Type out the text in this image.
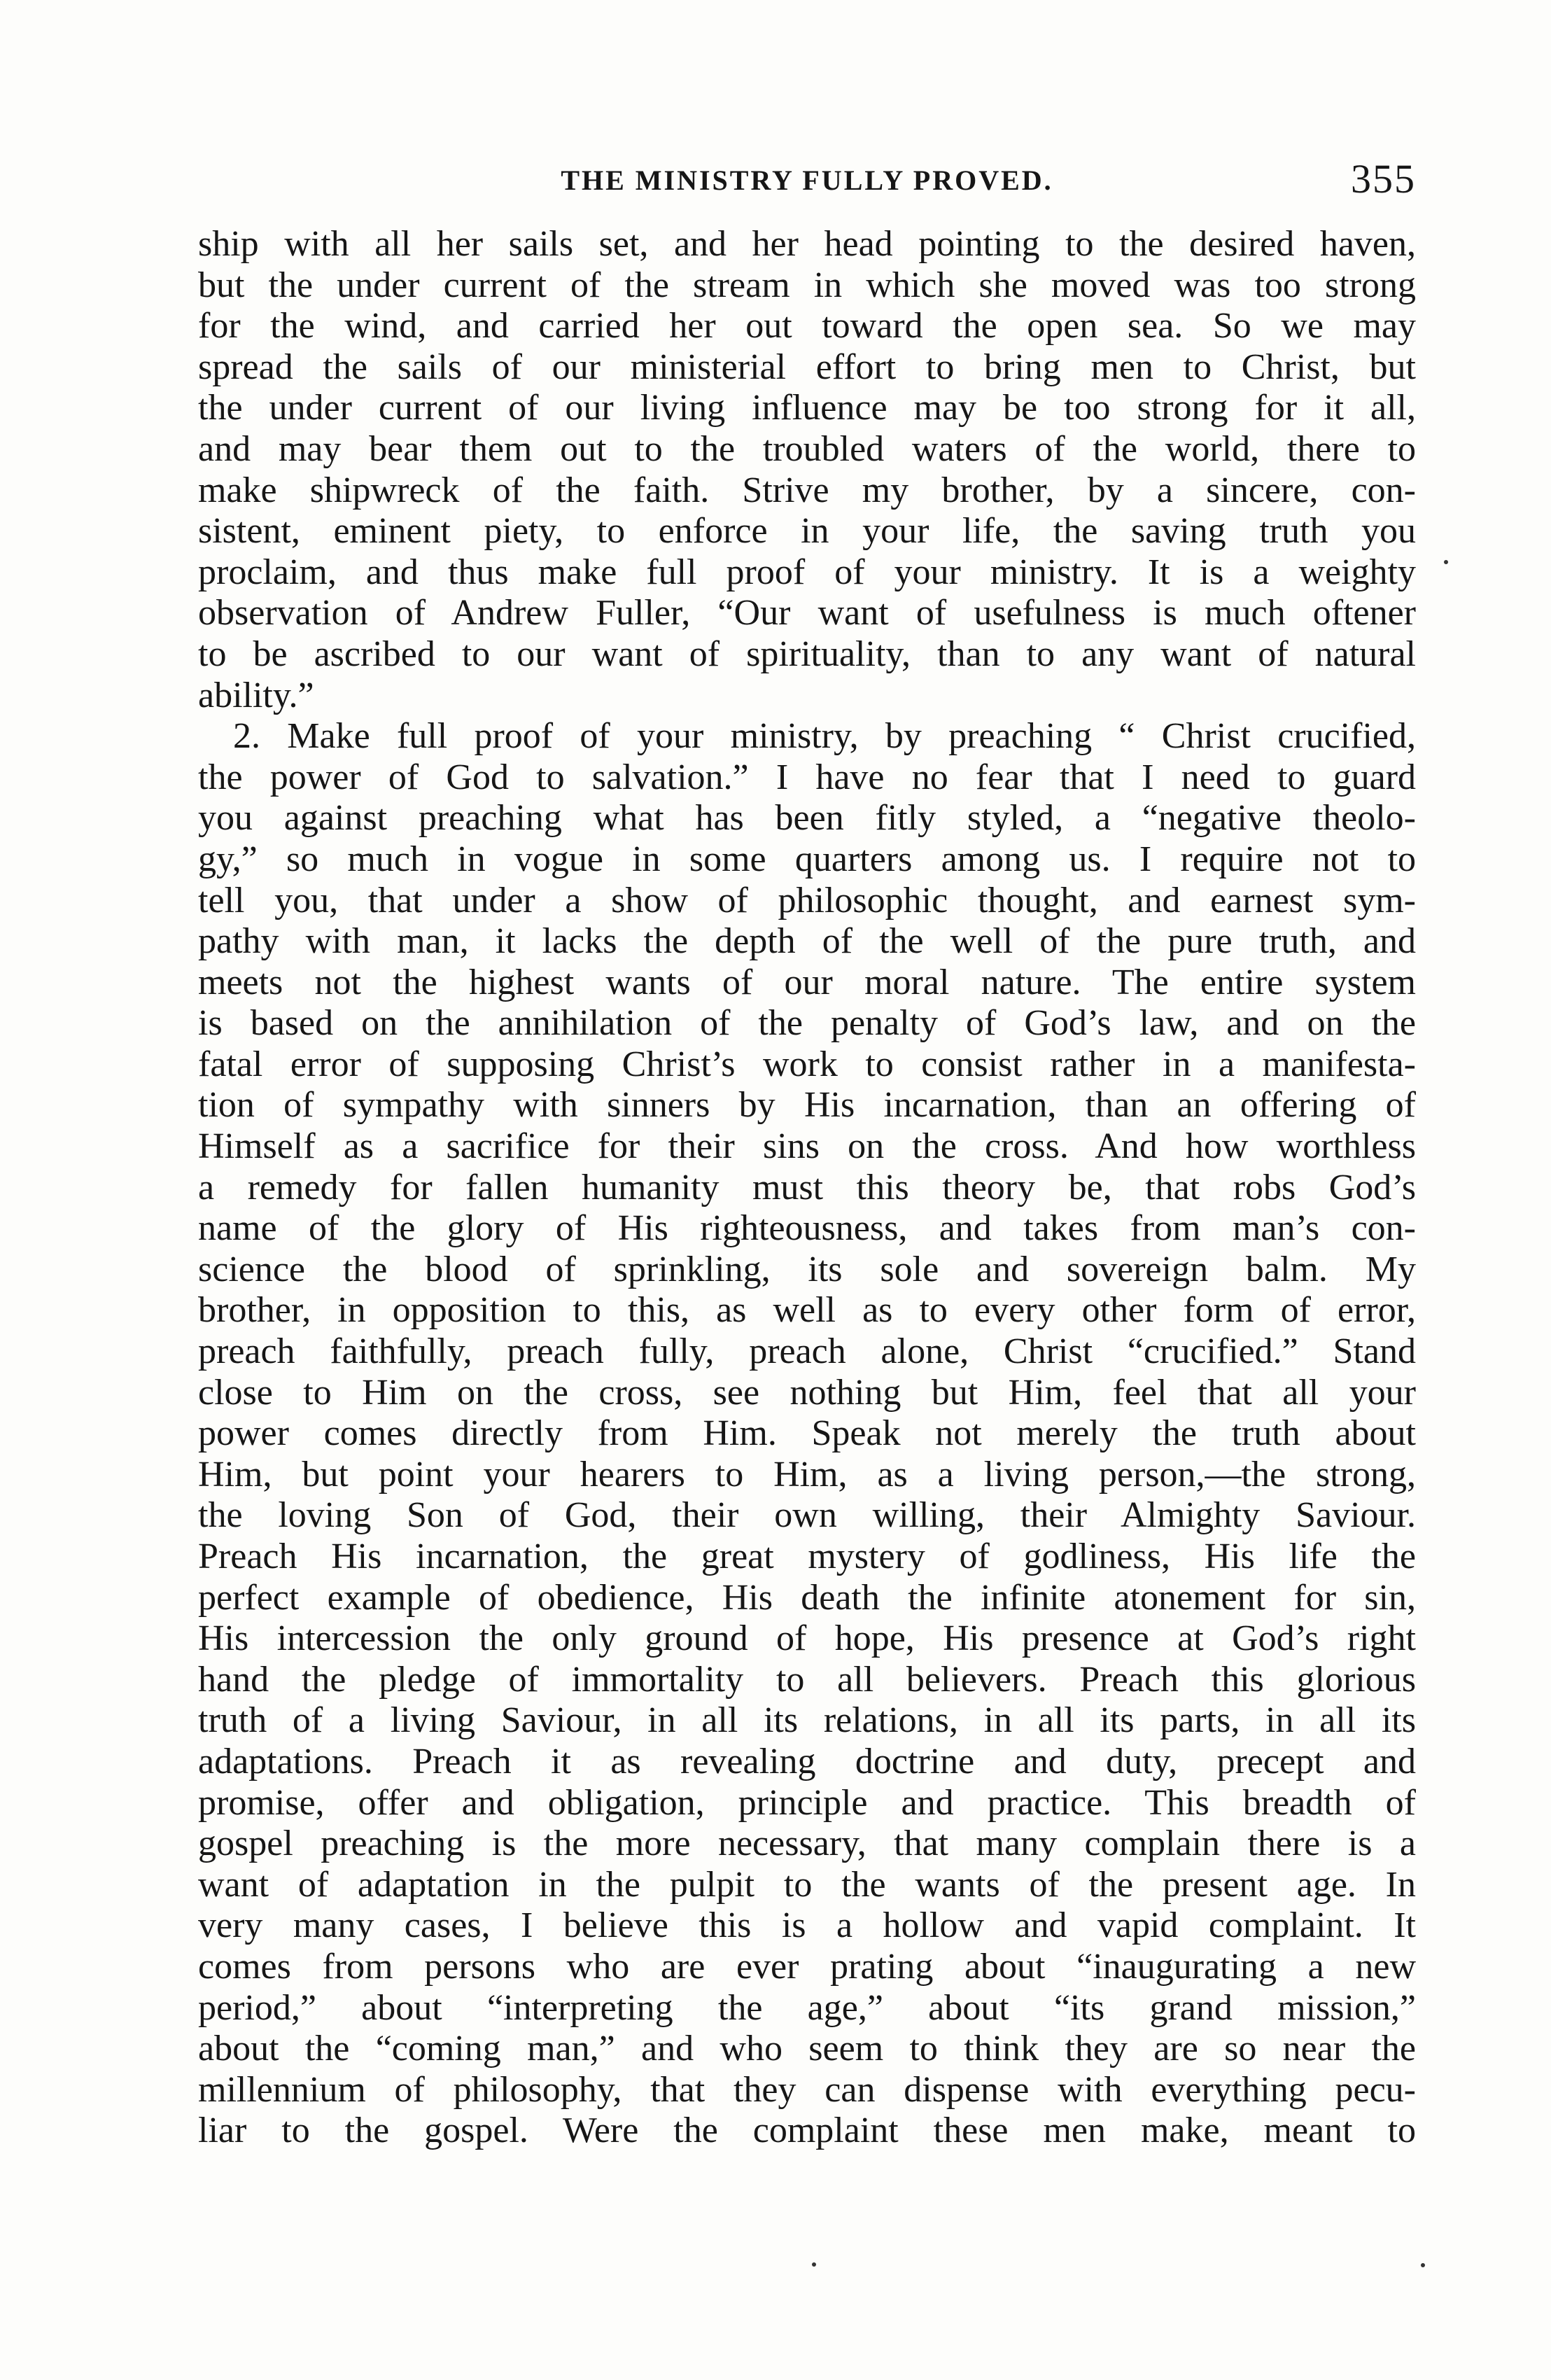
THE MINISTRY FULLY PROVED.	355
ship with all her sails set, and her head pointing to the desired haven,
but the under current of the stream in which she moved was too strong
for the wind, and carried her out toward the open sea. So we may
spread the sails of our ministerial effort to bring men to Christ, but
the under current of our living influence may be too strong for it all,
and may bear them out to the troubled waters of the world, there to
make shipwreck of the faith. Strive my brother, by a sincere, con-
sistent, eminent piety, to enforce in your life, the saving truth you
proclaim, and thus make full proof of your ministry. It is a weighty
observation of Andrew Fuller, “Our want of usefulness is much oftener
to be ascribed to our want of spirituality, than to any want of natural
ability.”
2. Make full proof of your ministry, by preaching “ Christ crucified,
the power of God to salvation.” I have no fear that I need to guard
you against preaching what has been fitly styled, a “negative theolo-
gy,” so much in vogue in some quarters among us. I require not to
tell you, that under a show of philosophic thought, and earnest sym-
pathy with man, it lacks the depth of the well of the pure truth, and
meets not the highest wants of our moral nature. The entire system
is based on the annihilation of the penalty of God’s law, and on the
fatal error of supposing Christ’s work to consist rather in a manifesta-
tion of sympathy with sinners by His incarnation, than an offering of
Himself as a sacrifice for their sins on the cross. And how worthless
a remedy for fallen humanity must this theory be, that robs God’s
name of the glory of His righteousness, and takes from man’s con-
science the blood of sprinkling, its sole and sovereign balm. My
brother, in opposition to this, as well as to every other form of error,
preach faithfully, preach fully, preach alone, Christ “crucified.” Stand
close to Him on the cross, see nothing but Him, feel that all your
power comes directly from Him. Speak not merely the truth about
Him, but point your hearers to Him, as a living person,—the strong,
the loving Son of God, their own willing, their Almighty Saviour.
Preach His incarnation, the great mystery of godliness, His life the
perfect example of obedience, His death the infinite atonement for sin,
His intercession the only ground of hope, His presence at God’s right
hand the pledge of immortality to all believers. Preach this glorious
truth of a living Saviour, in all its relations, in all its parts, in all its
adaptations. Preach it as revealing doctrine and duty, precept and
promise, offer and obligation, principle and practice. This breadth of
gospel preaching is the more necessary, that many complain there is a
want of adaptation in the pulpit to the wants of the present age. In
very many cases, I believe this is a hollow and vapid complaint. It
comes from persons who are ever prating about “inaugurating a new
period,” about “interpreting the age,” about “its grand mission,”
about the “coming man,” and who seem to think they are so near the
millennium of philosophy, that they can dispense with everything pecu-
liar to the gospel. Were the complaint these men make, meant to
